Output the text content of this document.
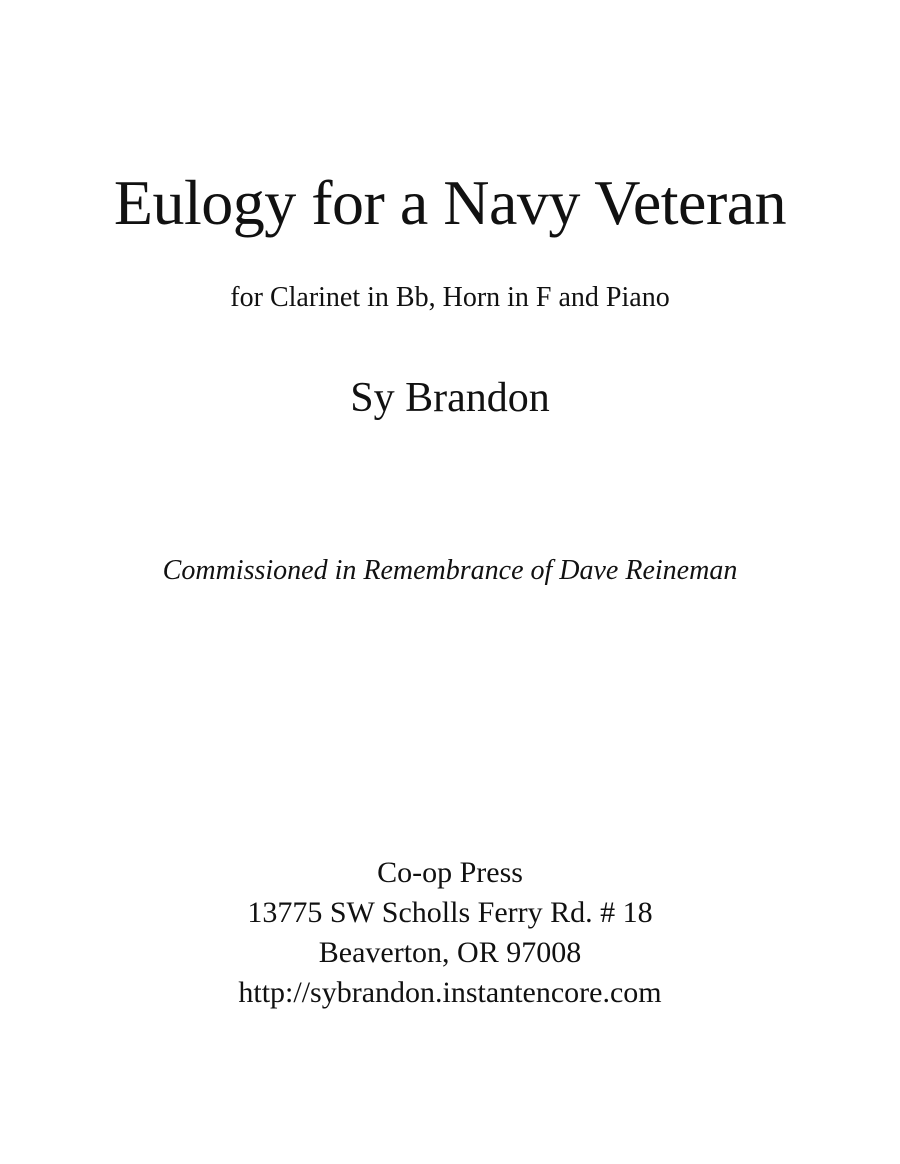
Eulogy for a Navy Veteran
for Clarinet in Bb, Horn in F and Piano
Sy Brandon
Commissioned in Remembrance of Dave Reineman
Co-op Press
13775 SW Scholls Ferry Rd. # 18
Beaverton, OR 97008
http://sybrandon.instantencore.com
